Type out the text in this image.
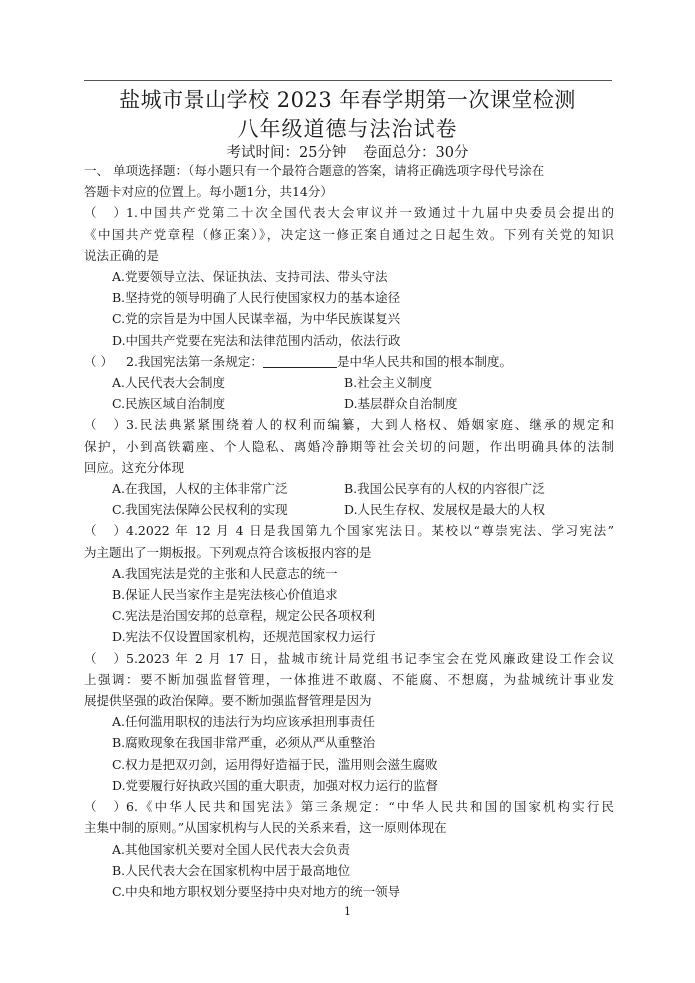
盐城市景山学校 2023 年春学期第一次课堂检测
八年级道德与法治试卷
考试时间：25分钟 卷面总分：30分
一、 单项选择题：（每小题只有一个最符合题意的答案，请将正确选项字母代号涂在
答题卡对应的位置上。每小题1分，共14分）
（ ）1.中国共产党第二十次全国代表大会审议并一致通过十九届中央委员会提出的
《中国共产党章程（修正案）》，决定这一修正案自通过之日起生效。下列有关党的知识
说法正确的是
A.党要领导立法、保证执法、支持司法、带头守法
B.坚持党的领导明确了人民行使国家权力的基本途径
C.党的宗旨是为中国人民谋幸福，为中华民族谋复兴
D.中国共产党要在宪法和法律范围内活动，依法行政
（ ） 2.我国宪法第一条规定：	是中华人民共和国的根本制度。
A.人民代表大会制度	B.社会主义制度
C.民族区域自治制度	D.基层群众自治制度
（ ）3.民法典紧紧围绕着人的权利而编纂，大到人格权、婚姻家庭、继承的规定和
保护，小到高铁霸座、个人隐私、离婚冷静期等社会关切的问题，作出明确具体的法制
回应。这充分体现
A.在我国，人权的主体非常广泛	B.我国公民享有的人权的内容很广泛
C.我国宪法保障公民权利的实现	D.人民生存权、发展权是最大的人权
（ ）4.2022 年 12 月 4 日是我国第九个国家宪法日。某校以“尊崇宪法、学习宪法”
为主题出了一期板报。下列观点符合该板报内容的是
A.我国宪法是党的主张和人民意志的统一
B.保证人民当家作主是宪法核心价值追求
C.宪法是治国安邦的总章程，规定公民各项权利
D.宪法不仅设置国家机构，还规范国家权力运行
（ ）5.2023 年 2 月 17 日，盐城市统计局党组书记李宝会在党风廉政建设工作会议
上强调：要不断加强监督管理，一体推进不敢腐、不能腐、不想腐，为盐城统计事业发
展提供坚强的政治保障。要不断加强监督管理是因为
A.任何滥用职权的违法行为均应该承担刑事责任
B.腐败现象在我国非常严重，必须从严从重整治
C.权力是把双刃剑，运用得好造福于民，滥用则会滋生腐败
D.党要履行好执政兴国的重大职责，加强对权力运行的监督
（ ）6.《中华人民共和国宪法》第三条规定：“中华人民共和国的国家机构实行民
主集中制的原则。”从国家机构与人民的关系来看，这一原则体现在
A.其他国家机关要对全国人民代表大会负责
B.人民代表大会在国家机构中居于最高地位
C.中央和地方职权划分要坚持中央对地方的统一领导
1
